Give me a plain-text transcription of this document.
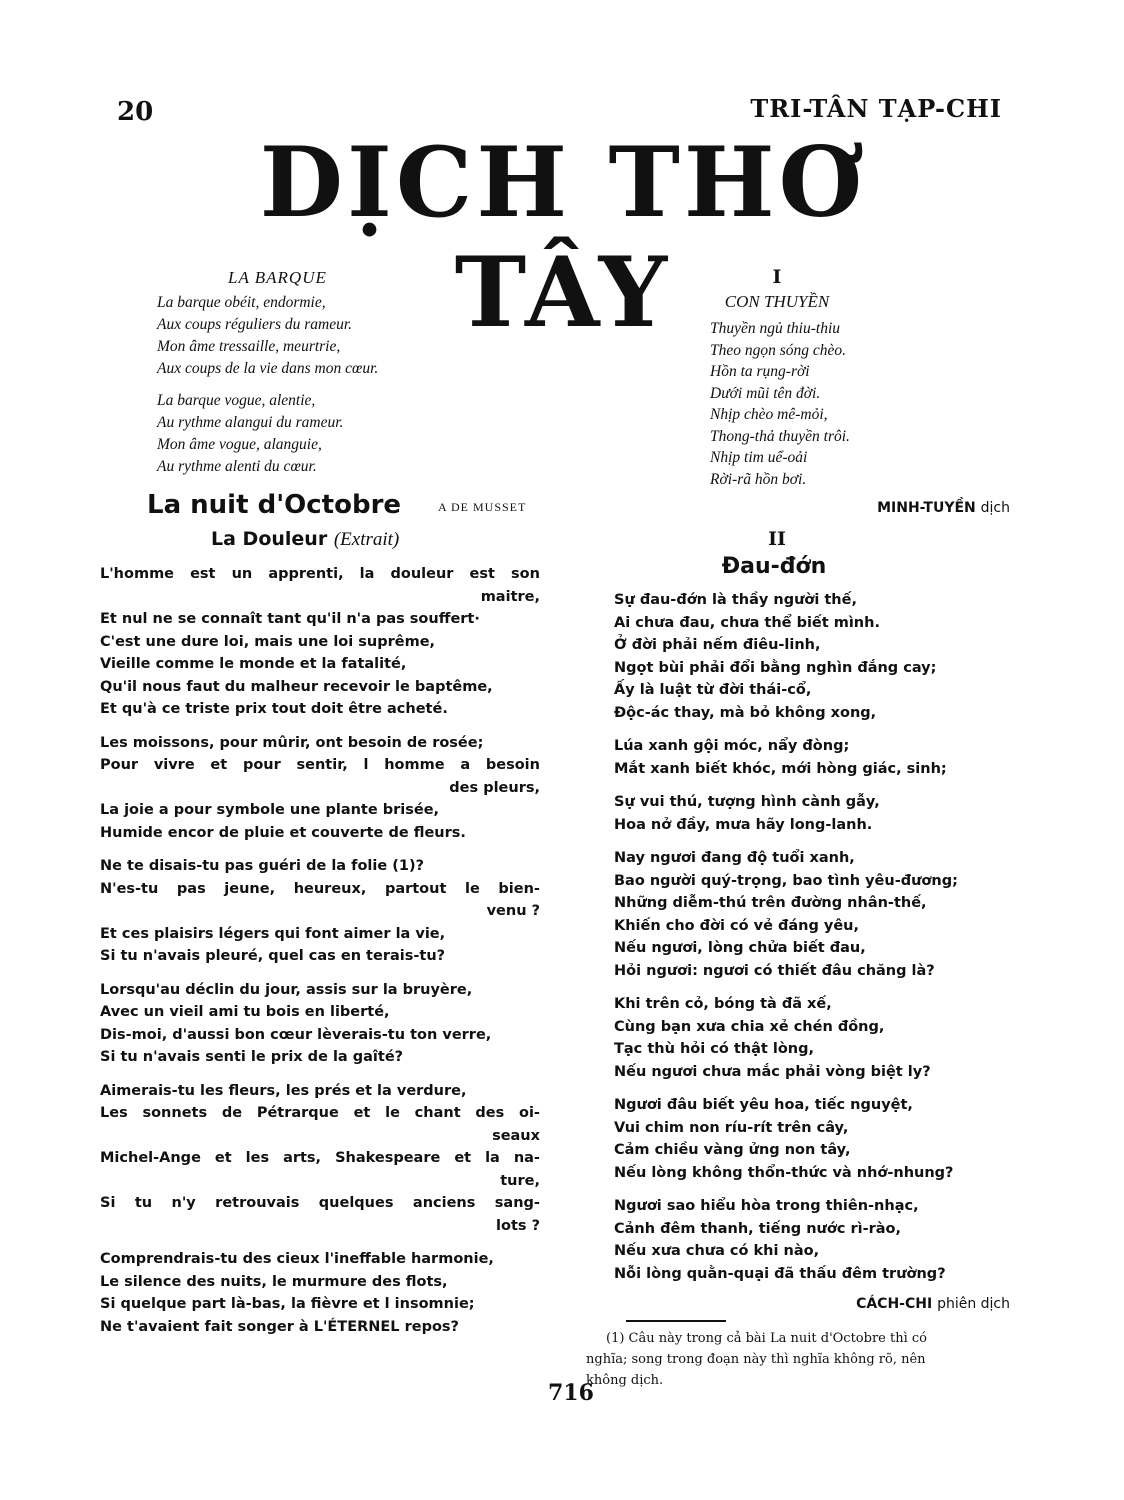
20	TRI-TÂN TẠP-CHI
DỊCH THƠ TÂY
LA BARQUE
La barque obéit, endormie,
Aux coups réguliers du rameur.
Mon âme tressaille, meurtrie,
Aux coups de la vie dans mon cœur.
La barque vogue, alentie,
Au rythme alangui du rameur.
Mon âme vogue, alanguie,
Au rythme alenti du cœur.
La nuit d'Octobre	A DE MUSSET
La Douleur (Extrait)
L'homme est un apprenti, la douleur est son
maitre,
Et nul ne se connaît tant qu'il n'a pas souffert·
C'est une dure loi, mais une loi suprême,
Vieille comme le monde et la fatalité,
Qu'il nous faut du malheur recevoir le baptême,
Et qu'à ce triste prix tout doit être acheté.
Les moissons, pour mûrir, ont besoin de rosée;
Pour vivre et pour sentir, l homme a besoin
des pleurs,
La joie a pour symbole une plante brisée,
Humide encor de pluie et couverte de fleurs.
Ne te disais-tu pas guéri de la folie (1)?
N'es-tu pas jeune, heureux, partout le bien-
venu ?
Et ces plaisirs légers qui font aimer la vie,
Si tu n'avais pleuré, quel cas en terais-tu?
Lorsqu'au déclin du jour, assis sur la bruyère,
Avec un vieil ami tu bois en liberté,
Dis-moi, d'aussi bon cœur lèverais-tu ton verre,
Si tu n'avais senti le prix de la gaîté?
Aimerais-tu les fleurs, les prés et la verdure,
Les sonnets de Pétrarque et le chant des oi-
seaux
Michel-Ange et les arts, Shakespeare et la na-
ture,
Si tu n'y retrouvais quelques anciens sang-
lots ?
Comprendrais-tu des cieux l'ineffable harmonie,
Le silence des nuits, le murmure des flots,
Si quelque part là-bas, la fièvre et l insomnie;
Ne t'avaient fait songer à L'ÉTERNEL repos?
I
CON THUYỀN
Thuyền ngủ thiu-thiu
Theo ngọn sóng chèo.
Hồn ta rụng-rời
Dưới mũi tên đời.
Nhịp chèo mê-mỏi,
Thong-thả thuyền trôi.
Nhịp tim uể-oải
Rời-rã hồn bơi.
MINH-TUYỀN dịch
II
Đau-đớn
Sự đau-đớn là thầy người thế,
Ai chưa đau, chưa thể biết mình.
Ở đời phải nếm điêu-linh,
Ngọt bùi phải đổi bằng nghìn đắng cay;
Ấy là luật từ đời thái-cổ,
Độc-ác thay, mà bỏ không xong,
Lúa xanh gội móc, nẩy đòng;
Mắt xanh biết khóc, mới hòng giác, sinh;
Sự vui thú, tượng hình cành gẫy,
Hoa nở đầy, mưa hãy long-lanh.
Nay ngươi đang độ tuổi xanh,
Bao người quý-trọng, bao tình yêu-đương;
Những diễm-thú trên đường nhân-thế,
Khiến cho đời có vẻ đáng yêu,
Nếu ngươi, lòng chửa biết đau,
Hỏi ngươi: ngươi có thiết đâu chăng là?
Khi trên cỏ, bóng tà đã xế,
Cùng bạn xưa chia xẻ chén đồng,
Tạc thù hỏi có thật lòng,
Nếu ngươi chưa mắc phải vòng biệt ly?
Ngươi đâu biết yêu hoa, tiếc nguyệt,
Vui chim non ríu-rít trên cây,
Cảm chiều vàng ửng non tây,
Nếu lòng không thổn-thức và nhớ-nhung?
Ngươi sao hiểu hòa trong thiên-nhạc,
Cảnh đêm thanh, tiếng nước rì-rào,
Nếu xưa chưa có khi nào,
Nỗi lòng quằn-quại đã thấu đêm trường?
CÁCH-CHI phiên dịch
(1) Câu này trong cả bài La nuit d'Octobre thì có
nghĩa; song trong đoạn này thì nghĩa không rõ, nên
không dịch.
716
